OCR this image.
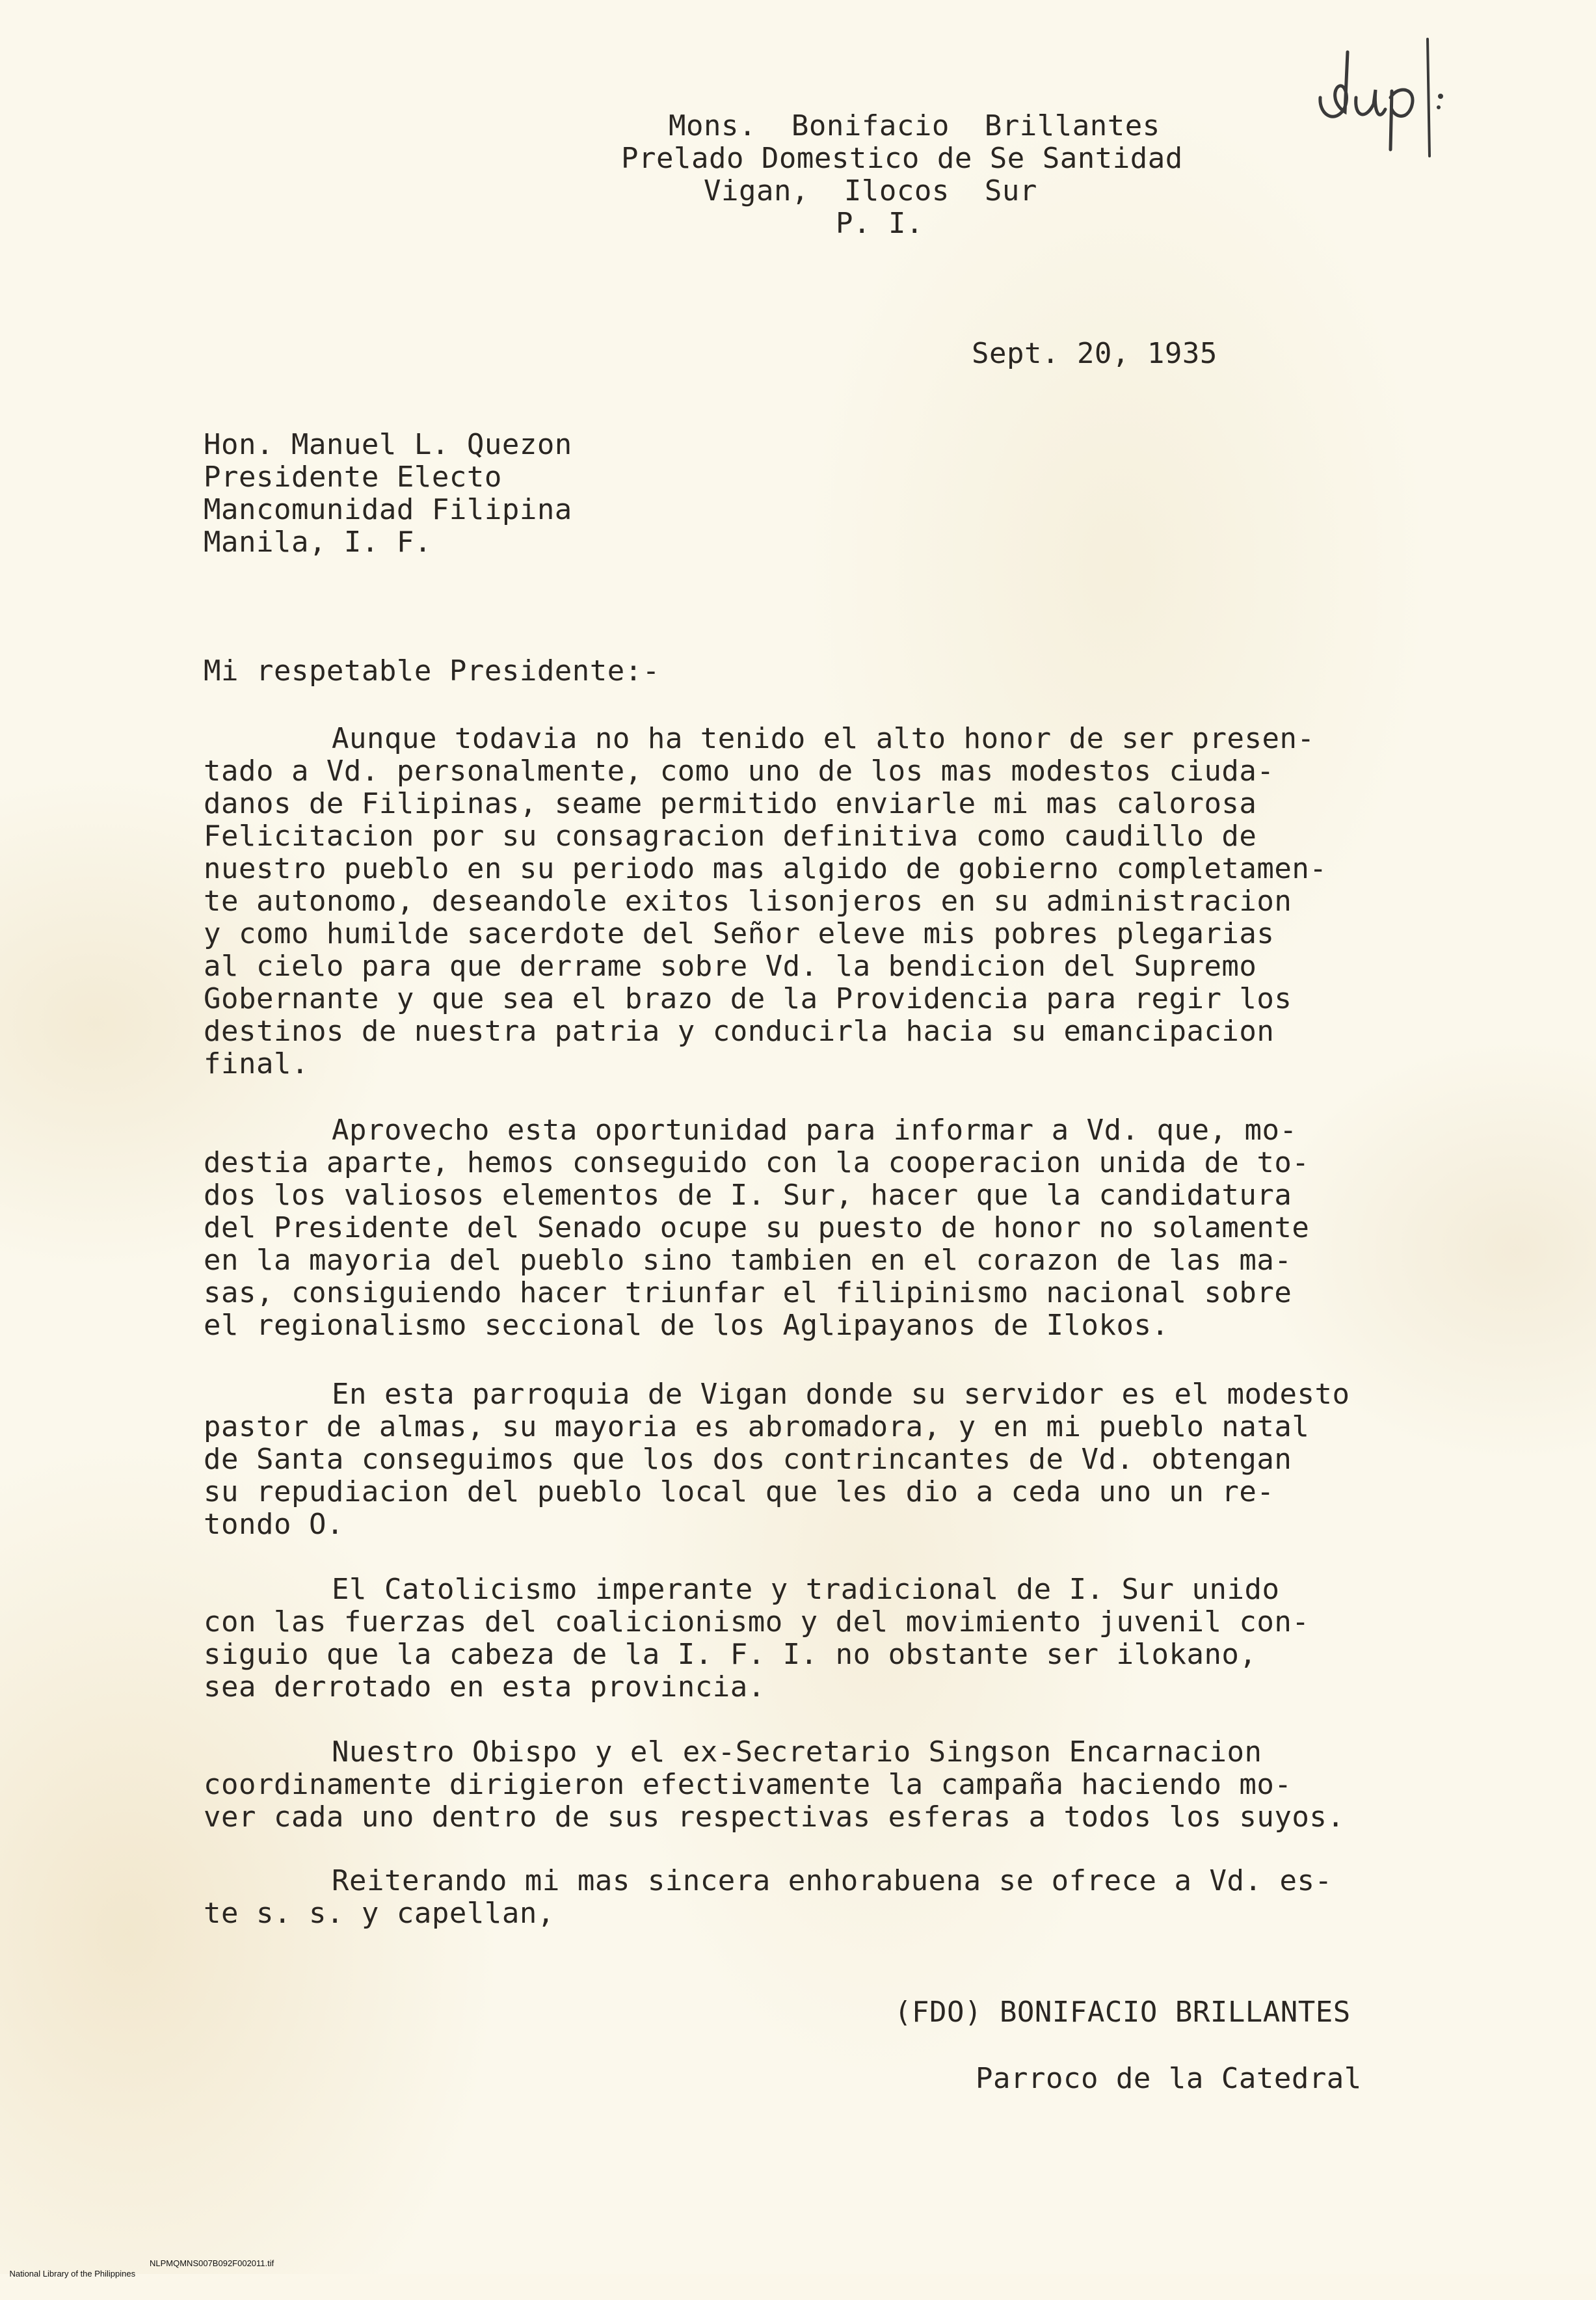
Mons.  Bonifacio  Brillantes
Prelado Domestico de Se Santidad
Vigan,  Ilocos  Sur
P. I.
Sept. 20, 1935
Hon. Manuel L. Quezon
Presidente Electo
Mancomunidad Filipina
Manila, I. F.
Mi respetable Presidente:-
Aunque todavia no ha tenido el alto honor de ser presen-
tado a Vd. personalmente, como uno de los mas modestos ciuda-
danos de Filipinas, seame permitido enviarle mi mas calorosa
Felicitacion por su consagracion definitiva como caudillo de
nuestro pueblo en su periodo mas algido de gobierno completamen-
te autonomo, deseandole exitos lisonjeros en su administracion
y como humilde sacerdote del Señor eleve mis pobres plegarias
al cielo para que derrame sobre Vd. la bendicion del Supremo
Gobernante y que sea el brazo de la Providencia para regir los
destinos de nuestra patria y conducirla hacia su emancipacion
final.
Aprovecho esta oportunidad para informar a Vd. que, mo-
destia aparte, hemos conseguido con la cooperacion unida de to-
dos los valiosos elementos de I. Sur, hacer que la candidatura
del Presidente del Senado ocupe su puesto de honor no solamente
en la mayoria del pueblo sino tambien en el corazon de las ma-
sas, consiguiendo hacer triunfar el filipinismo nacional sobre
el regionalismo seccional de los Aglipayanos de Ilokos.
En esta parroquia de Vigan donde su servidor es el modesto
pastor de almas, su mayoria es abromadora, y en mi pueblo natal
de Santa conseguimos que los dos contrincantes de Vd. obtengan
su repudiacion del pueblo local que les dio a ceda uno un re-
tondo O.
El Catolicismo imperante y tradicional de I. Sur unido
con las fuerzas del coalicionismo y del movimiento juvenil con-
siguio que la cabeza de la I. F. I. no obstante ser ilokano,
sea derrotado en esta provincia.
Nuestro Obispo y el ex-Secretario Singson Encarnacion
coordinamente dirigieron efectivamente la campaña haciendo mo-
ver cada uno dentro de sus respectivas esferas a todos los suyos.
Reiterando mi mas sincera enhorabuena se ofrece a Vd. es-
te s. s. y capellan,
(FDO) BONIFACIO BRILLANTES
Parroco de la Catedral

National Library of the Philippines

NLPMQMNS007B092F002011.tif
